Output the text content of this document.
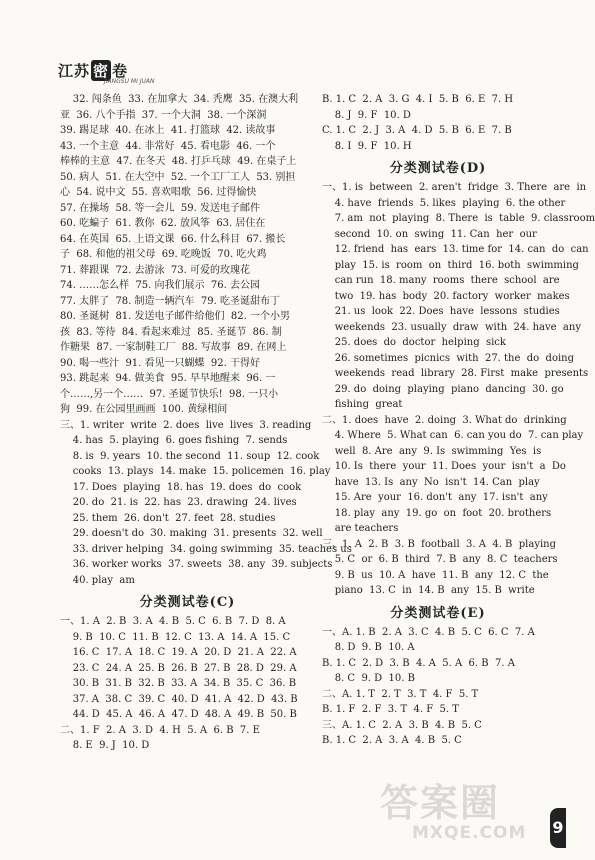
江苏 密 卷
JIANGSU MI JUAN
32. 闯条鱼  33. 在加拿大  34. 秃鹰  35. 在澳大利
亚  36. 八个手指  37. 一个大洞  38. 一个深洞
39. 踢足球  40. 在冰上  41. 打篮球  42. 读故事
43. 一个主意  44. 非常好  45. 看电影  46. 一个
棒棒的主意  47. 在冬天  48. 打乒乓球  49. 在桌子上
50. 病人  51. 在大空中  52. 一个工厂工人  53. 别担
心  54. 说中文  55. 喜欢唱歌  56. 过得愉快
57. 在操场  58. 等一会儿  59. 发送电子邮件
60. 吃蝙子  61. 教你  62. 放风筝  63. 居住在
64. 在英国  65. 上语文课  66. 什么科目  67. 搬长
子  68. 和他的祖父母  69. 吃晚饭  70. 吃火鸡
71. 葬跟课  72. 去游泳  73. 可爱的玫瑰花
74. ……怎么样  75. 向我们展示  76. 去公园
77. 太胖了  78. 制造一辆汽车  79. 吃圣诞甜布丁
80. 圣诞树  81. 发送电子邮件给他们  82. 一个小男
孩  83. 等待  84. 看起来难过  85. 圣诞节  86. 制
作糖果  87. 一家制鞋工厂  88. 写故事  89. 在网上
90. 喝一些汁  91. 看见一只蝴蝶  92. 干得好
93. 跳起来  94. 做美食  95. 早早地醒来  96. 一
个……,另一个……  97. 圣诞节快乐!  98. 一只小
狗  99. 在公园里画画  100. 黄绿相间
三、1. writer  write  2. does  live  lives  3. reading
4. has  5. playing  6. goes fishing  7. sends
8. is  9. years  10. the second  11. soup  12. cook
cooks  13. plays  14. make  15. policemen  16. play
17. Does  playing  18. has  19. does  do  cook
20. do  21. is  22. has  23. drawing  24. lives
25. them  26. don't  27. feet  28. studies
29. doesn't do  30. making  31. presents  32. well
33. driver helping  34. going swimming  35. teaches us
36. worker works  37. sweets  38. any  39. subjects
40. play  am
分类测试卷(C)
一、1. A  2. B  3. A  4. B  5. C  6. B  7. D  8. A
9. B  10. C  11. B  12. C  13. A  14. A  15. C
16. C  17. A  18. C  19. A  20. D  21. A  22. A
23. C  24. A  25. B  26. B  27. B  28. D  29. A
30. B  31. B  32. B  33. A  34. B  35. C  36. B
37. A  38. C  39. C  40. D  41. A  42. D  43. B
44. D  45. A  46. A  47. D  48. A  49. B  50. B
二、1. F  2. A  3. D  4. H  5. A  6. B  7. E
8. E  9. J  10. D
B. 1. C  2. A  3. G  4. I  5. B  6. E  7. H
8. J  9. F  10. D
C. 1. C  2. J  3. A  4. D  5. B  6. E  7. B
8. I  9. F  10. H
分类测试卷(D)
一、1. is  between  2. aren't  fridge  3. There  are  in
4. have  friends  5. likes  playing  6. the other
7. am  not  playing  8. There  is  table  9. classroom
second  10. on  swing  11. Can  her  our
12. friend  has  ears  13. time for  14. can  do  can
play  15. is  room  on  third  16. both  swimming
can run  18. many  rooms  there  school  are
two  19. has  body  20. factory  worker  makes
21. us  look  22. Does  have  lessons  studies
weekends  23. usually  draw  with  24. have  any
25. does  do  doctor  helping  sick
26. sometimes  picnics  with  27. the  do  doing
weekends  read  library  28. First  make  presents
29. do  doing  playing  piano  dancing  30. go
fishing  great
二、1. does  have  2. doing  3. What do  drinking
4. Where  5. What can  6. can you do  7. can play
well  8. Are  any  9. Is  swimming  Yes  is
10. Is  there  your  11. Does  your  isn't  a  Do
have  13. Is  any  No  isn't  14. Can  play
15. Are  your  16. don't  any  17. isn't  any
18. play  any  19. go  on  foot  20. brothers
are teachers
三、1. A  2. B  3. B  football  3. A  4. B  playing
5. C  or  6. B  third  7. B  any  8. C  teachers
9. B  us  10. A  have  11. B  any  12. C  the
piano  13. C  in  14. B  any  15. B  write
分类测试卷(E)
一、A. 1. B  2. A  3. C  4. B  5. C  6. C  7. A
8. D  9. B  10. A
B. 1. C  2. D  3. B  4. A  5. A  6. B  7. A
8. C  9. D  10. B
二、A. 1. T  2. T  3. T  4. F  5. T
B. 1. F  2. F  3. T  4. F  5. T
三、A. 1. C  2. A  3. B  4. B  5. C
B. 1. C  2. A  3. A  4. B  5. C
9
答案圈
MXQE.COM
